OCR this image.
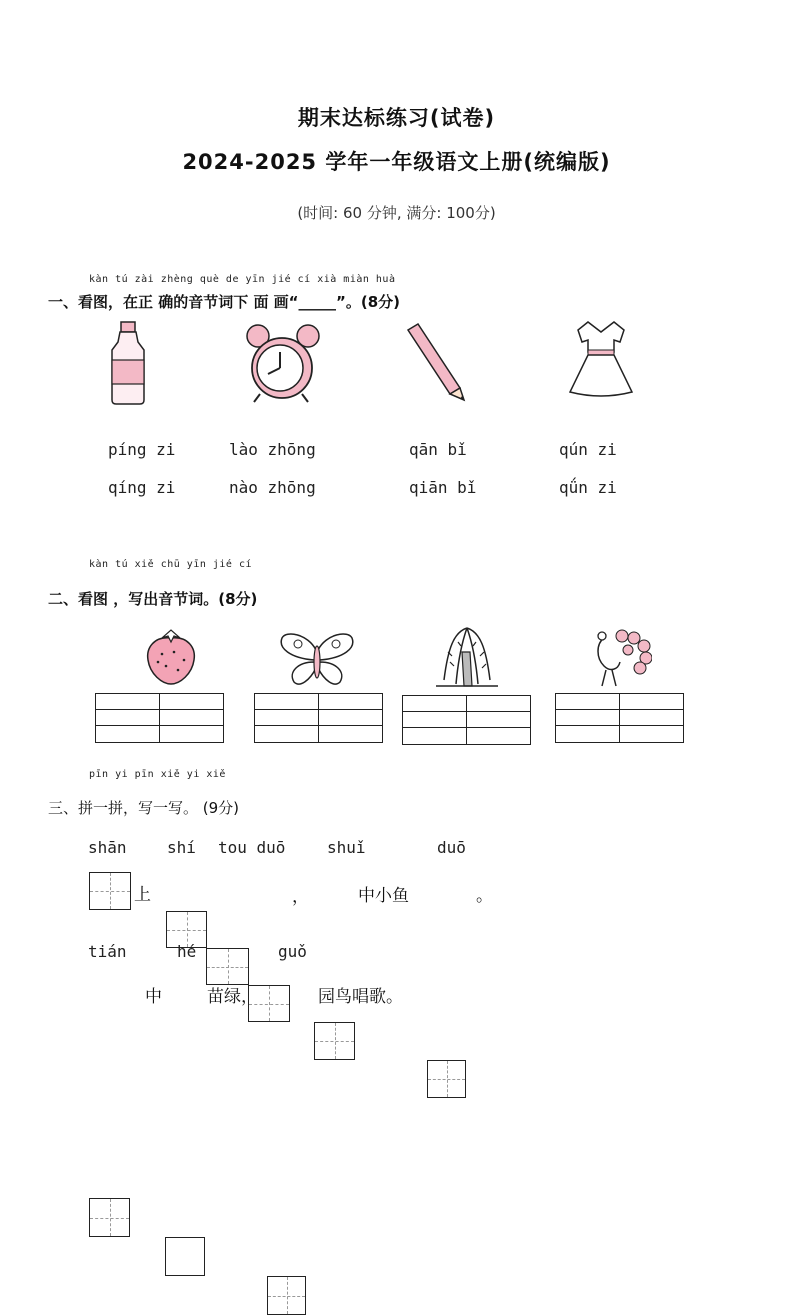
期末达标练习(试卷)
2024-2025 学年一年级语文上册(统编版)
(时间: 60 分钟, 满分: 100分)
kàn tú zài zhèng què de yīn jié cí xià miàn huà
一、看图，在正 确的音节词下 面 画“_____”。(8分)
píng zi
qíng zi
lào zhōng
nào zhōng
qān bǐ
qiān bǐ
qún zi
qǘn zi
kàn tú xiě chū yīn jié cí
二、看图 ，写出音节词。(8分)
pīn yi pīn xiě yi xiě
三、拼一拼，写一写。 (9分)
shān	shí tou duō	shuǐ	duō
上	，	中小鱼	。
tián	hé	guǒ
中	苗绿，	园鸟唱歌。
